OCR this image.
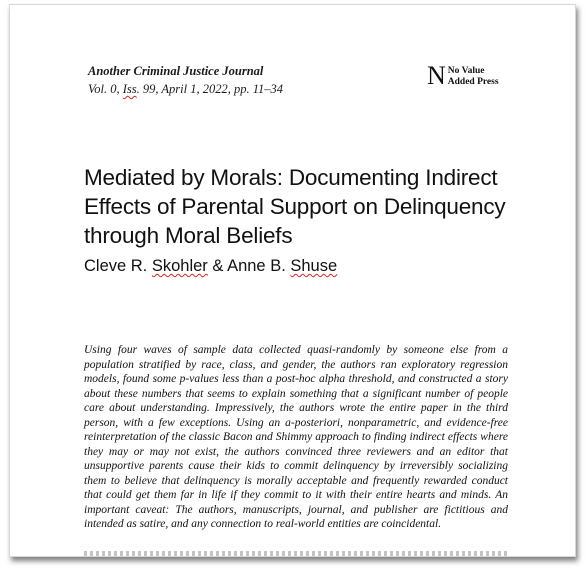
Another Criminal Justice Journal
Vol. 0, Iss. 99, April 1, 2022, pp. 11–34	N No Value
Added Press
Mediated by Morals: Documenting Indirect Effects of Parental Support on Delinquency through Moral Beliefs
Cleve R. Skohler & Anne B. Shuse

Using four waves of sample data collected quasi-randomly by someone else from a population stratified by race, class, and gender, the authors ran exploratory regression models, found some p-values less than a post-hoc alpha threshold, and constructed a story about these numbers that seems to explain something that a significant number of people care about understanding. Impressively, the authors wrote the entire paper in the third person, with a few exceptions. Using an a-posteriori, nonparametric, and evidence-free reinterpretation of the classic Bacon and Shimmy approach to finding indirect effects where they may or may not exist, the authors convinced three reviewers and an editor that unsupportive parents cause their kids to commit delinquency by irreversibly socializing them to believe that delinquency is morally acceptable and frequently rewarded conduct that could get them far in life if they commit to it with their entire hearts and minds. An important caveat: The authors, manuscripts, journal, and publisher are fictitious and intended as satire, and any connection to real-world entities are coincidental.
